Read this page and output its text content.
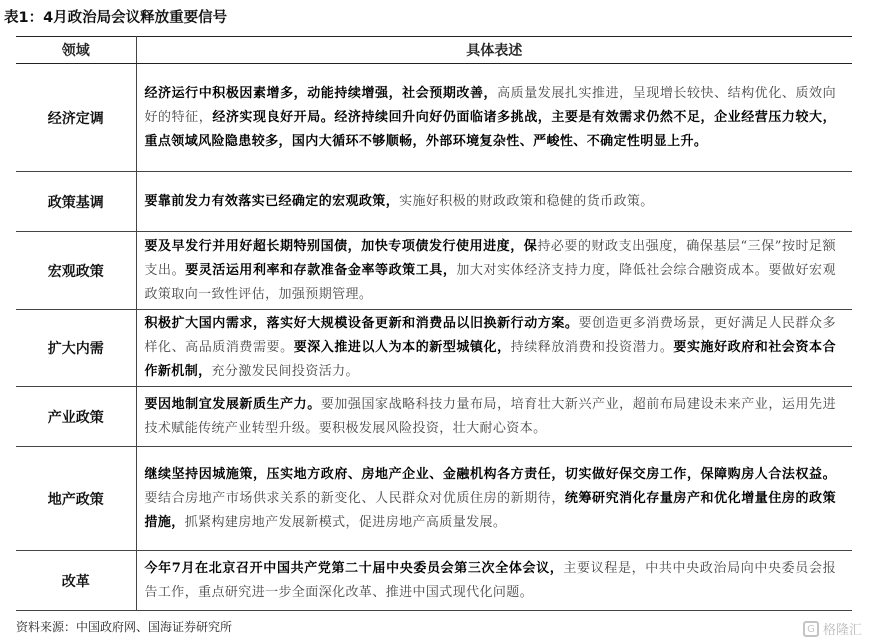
表1：4月政治局会议释放重要信号
领域	具体表述
经济定调	经济运行中积极因素增多，动能持续增强，社会预期改善，高质量发展扎实推进，呈现增长较快、结构优化、质效向好的特征，经济实现良好开局。经济持续回升向好仍面临诸多挑战，主要是有效需求仍然不足，企业经营压力较大，重点领域风险隐患较多，国内大循环不够顺畅，外部环境复杂性、严峻性、不确定性明显上升。
政策基调	要靠前发力有效落实已经确定的宏观政策，实施好积极的财政政策和稳健的货币政策。
宏观政策	要及早发行并用好超长期特别国债，加快专项债发行使用进度，保持必要的财政支出强度，确保基层“三保”按时足额支出。要灵活运用利率和存款准备金率等政策工具，加大对实体经济支持力度，降低社会综合融资成本。要做好宏观政策取向一致性评估，加强预期管理。
扩大内需	积极扩大国内需求，落实好大规模设备更新和消费品以旧换新行动方案。要创造更多消费场景，更好满足人民群众多样化、高品质消费需要。要深入推进以人为本的新型城镇化，持续释放消费和投资潜力。要实施好政府和社会资本合作新机制，充分激发民间投资活力。
产业政策	要因地制宜发展新质生产力。要加强国家战略科技力量布局，培育壮大新兴产业，超前布局建设未来产业，运用先进技术赋能传统产业转型升级。要积极发展风险投资，壮大耐心资本。
地产政策	继续坚持因城施策，压实地方政府、房地产企业、金融机构各方责任，切实做好保交房工作，保障购房人合法权益。要结合房地产市场供求关系的新变化、人民群众对优质住房的新期待，统筹研究消化存量房产和优化增量住房的政策措施，抓紧构建房地产发展新模式，促进房地产高质量发展。
改革	今年7月在北京召开中国共产党第二十届中央委员会第三次全体会议，主要议程是，中共中央政治局向中央委员会报告工作，重点研究进一步全面深化改革、推进中国式现代化问题。
资料来源：中国政府网、国海证券研究所	G 格隆汇
